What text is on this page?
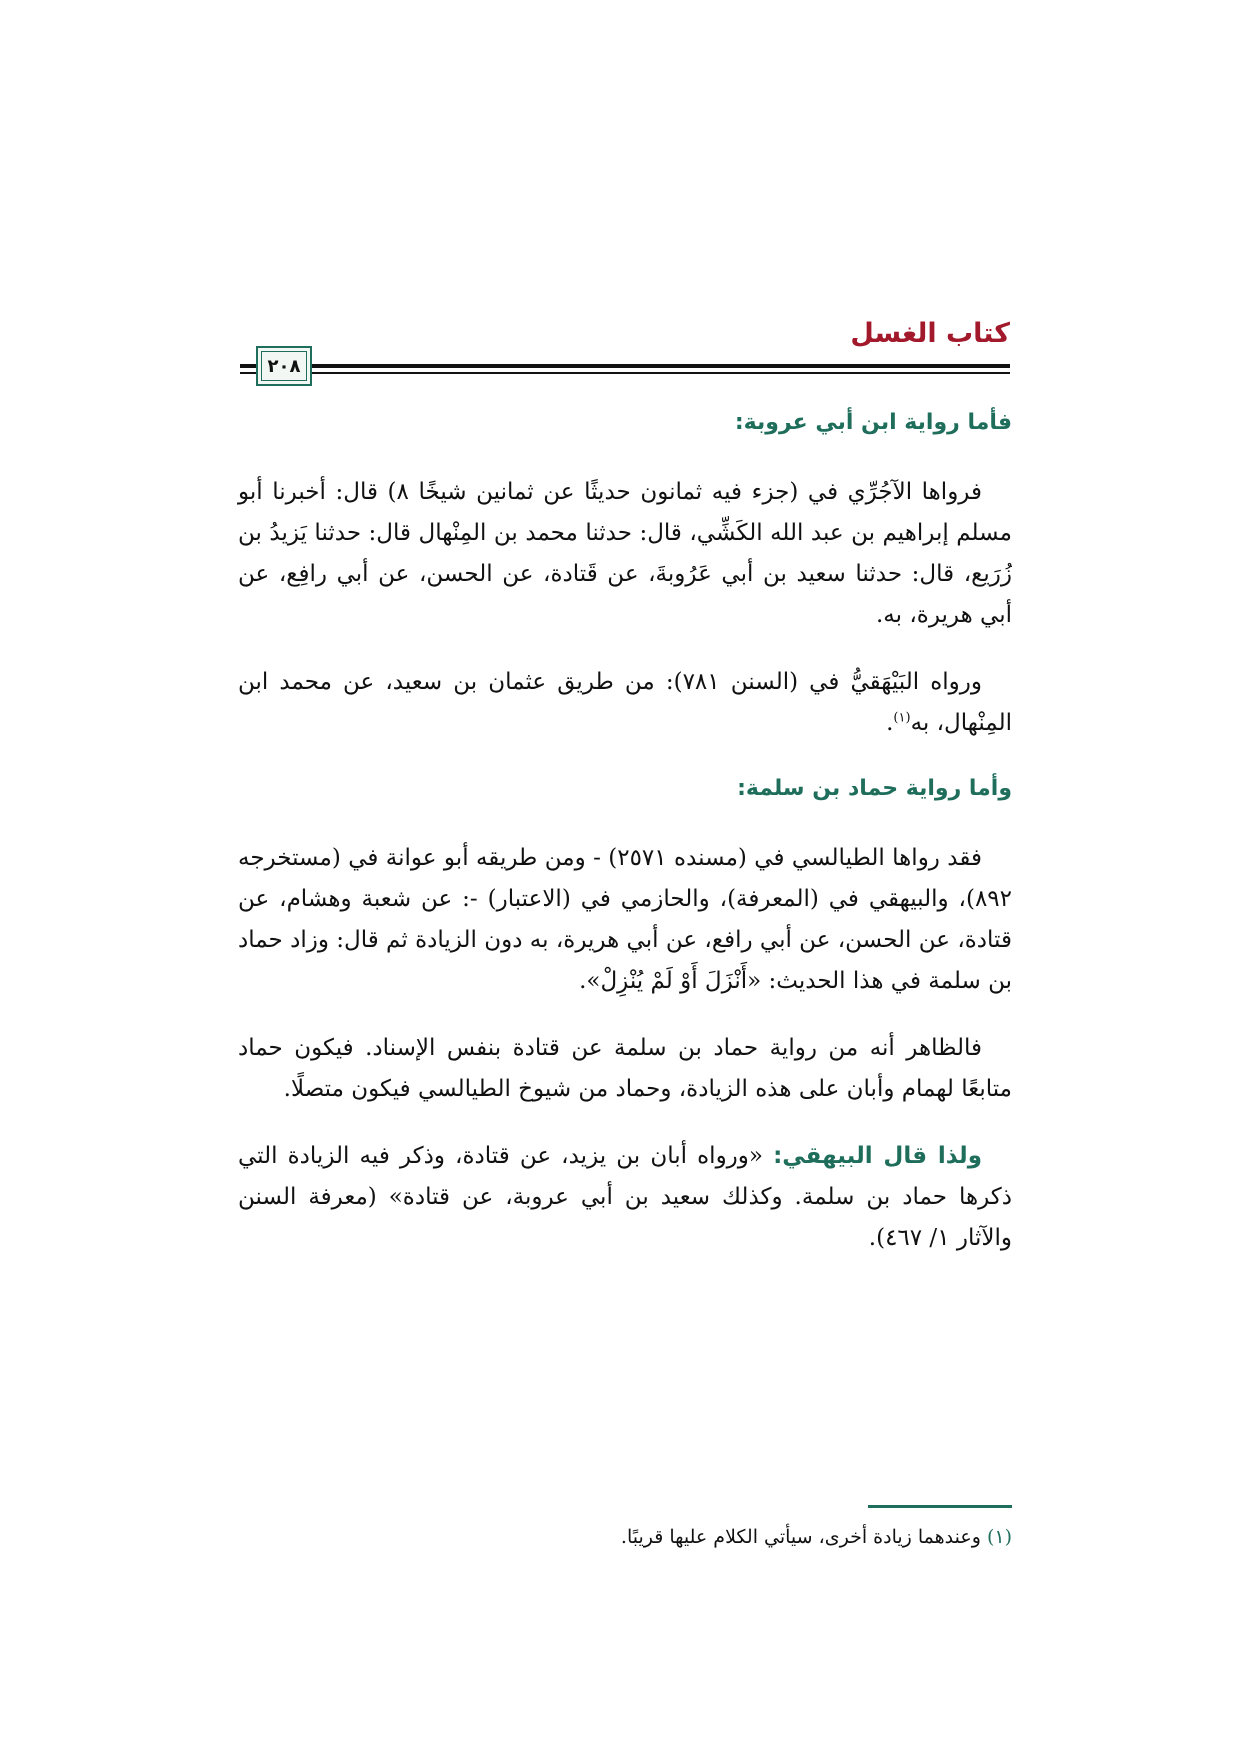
كتاب الغسل
٢٠٨
فأما رواية ابن أبي عروبة:

فرواها الآجُرِّي في (جزء فيه ثمانون حديثًا عن ثمانين شيخًا ٨) قال: أخبرنا أبو مسلم إبراهيم بن عبد الله الكَشِّي، قال: حدثنا محمد بن المِنْهال قال: حدثنا يَزيدُ بن زُرَيع، قال: حدثنا سعيد بن أبي عَرُوبةَ، عن قَتادة، عن الحسن، عن أبي رافِع، عن أبي هريرة، به.

ورواه البَيْهَقيُّ في (السنن ٧٨١): من طريق عثمان بن سعيد، عن محمد ابن المِنْهال، به$^{(١)}$.

وأما رواية حماد بن سلمة:

فقد رواها الطيالسي في (مسنده ٢٥٧١) - ومن طريقه أبو عوانة في (مستخرجه ٨٩٢)، والبيهقي في (المعرفة)، والحازمي في (الاعتبار) -: عن شعبة وهشام، عن قتادة، عن الحسن، عن أبي رافع، عن أبي هريرة، به دون الزيادة ثم قال: وزاد حماد بن سلمة في هذا الحديث: «أَنْزَلَ أَوْ لَمْ يُنْزِلْ».

فالظاهر أنه من رواية حماد بن سلمة عن قتادة بنفس الإسناد. فيكون حماد متابعًا لهمام وأبان على هذه الزيادة، وحماد من شيوخ الطيالسي فيكون متصلًا.

ولذا قال البيهقي: «ورواه أبان بن يزيد، عن قتادة، وذكر فيه الزيادة التي ذكرها حماد بن سلمة. وكذلك سعيد بن أبي عروبة، عن قتادة» (معرفة السنن والآثار ١/ ٤٦٧).

(١) وعندهما زيادة أخرى، سيأتي الكلام عليها قريبًا.
